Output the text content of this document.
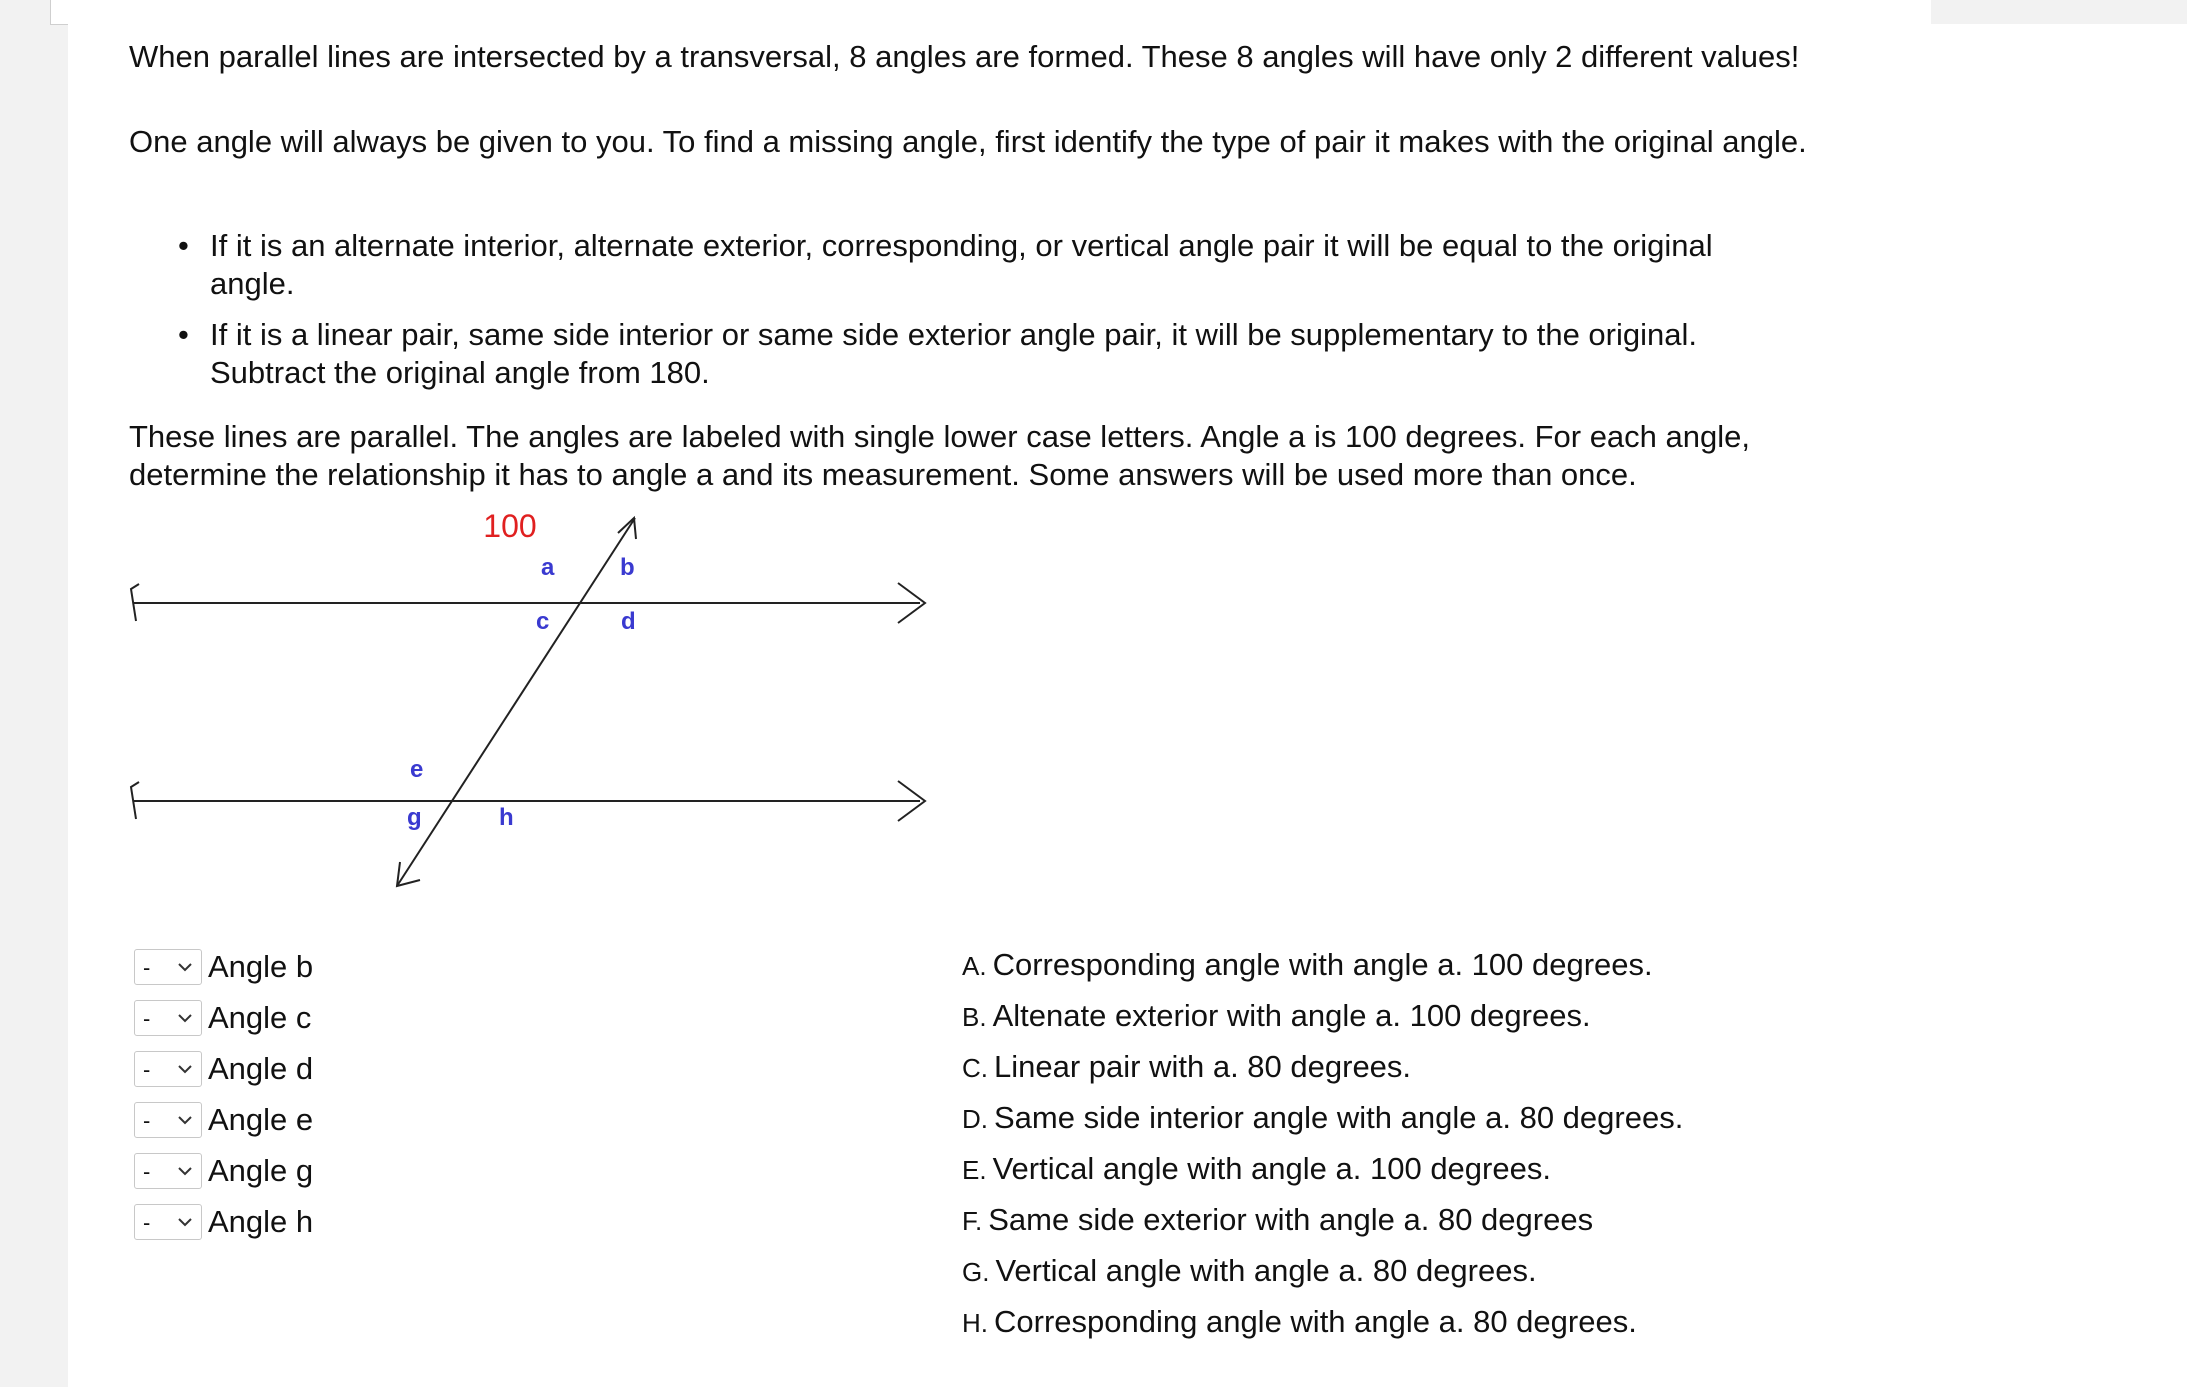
When parallel lines are intersected by a transversal, 8 angles are formed. These 8 angles will have only 2 different values!

One angle will always be given to you. To find a missing angle, first identify the type of pair it makes with the original angle.

• If it is an alternate interior, alternate exterior, corresponding, or vertical angle pair it will be equal to the original angle.
• If it is a linear pair, same side interior or same side exterior angle pair, it will be supplementary to the original. Subtract the original angle from 180.

These lines are parallel. The angles are labeled with single lower case letters. Angle a is 100 degrees. For each angle, determine the relationship it has to angle a and its measurement. Some answers will be used more than once.

100
a	b
c	d
e
g	h
- Angle b
- Angle c
- Angle d
- Angle e
- Angle g
- Angle h
A. Corresponding angle with angle a. 100 degrees.
B. Altenate exterior with angle a. 100 degrees.
C. Linear pair with a. 80 degrees.
D. Same side interior angle with angle a. 80 degrees.
E. Vertical angle with angle a. 100 degrees.
F. Same side exterior with angle a. 80 degrees
G. Vertical angle with angle a. 80 degrees.
H. Corresponding angle with angle a. 80 degrees.
